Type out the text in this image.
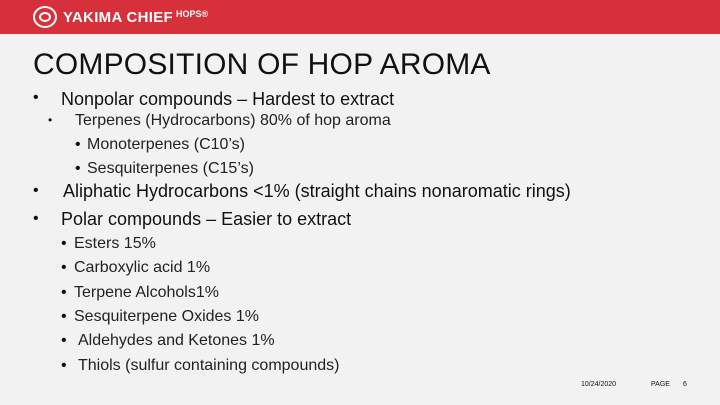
YAKIMA CHIEF HOPS®
COMPOSITION OF HOP AROMA
• Nonpolar compounds – Hardest to extract
• Terpenes (Hydrocarbons) 80% of hop aroma
• Monoterpenes (C10’s)
• Sesquiterpenes (C15’s)
• Aliphatic Hydrocarbons <1% (straight chains nonaromatic rings)
• Polar compounds – Easier to extract
• Esters 15%
• Carboxylic acid 1%
• Terpene Alcohols1%
• Sesquiterpene Oxides 1%
• Aldehydes and Ketones 1%
• Thiols (sulfur containing compounds)
10/24/2020	PAGE 6
